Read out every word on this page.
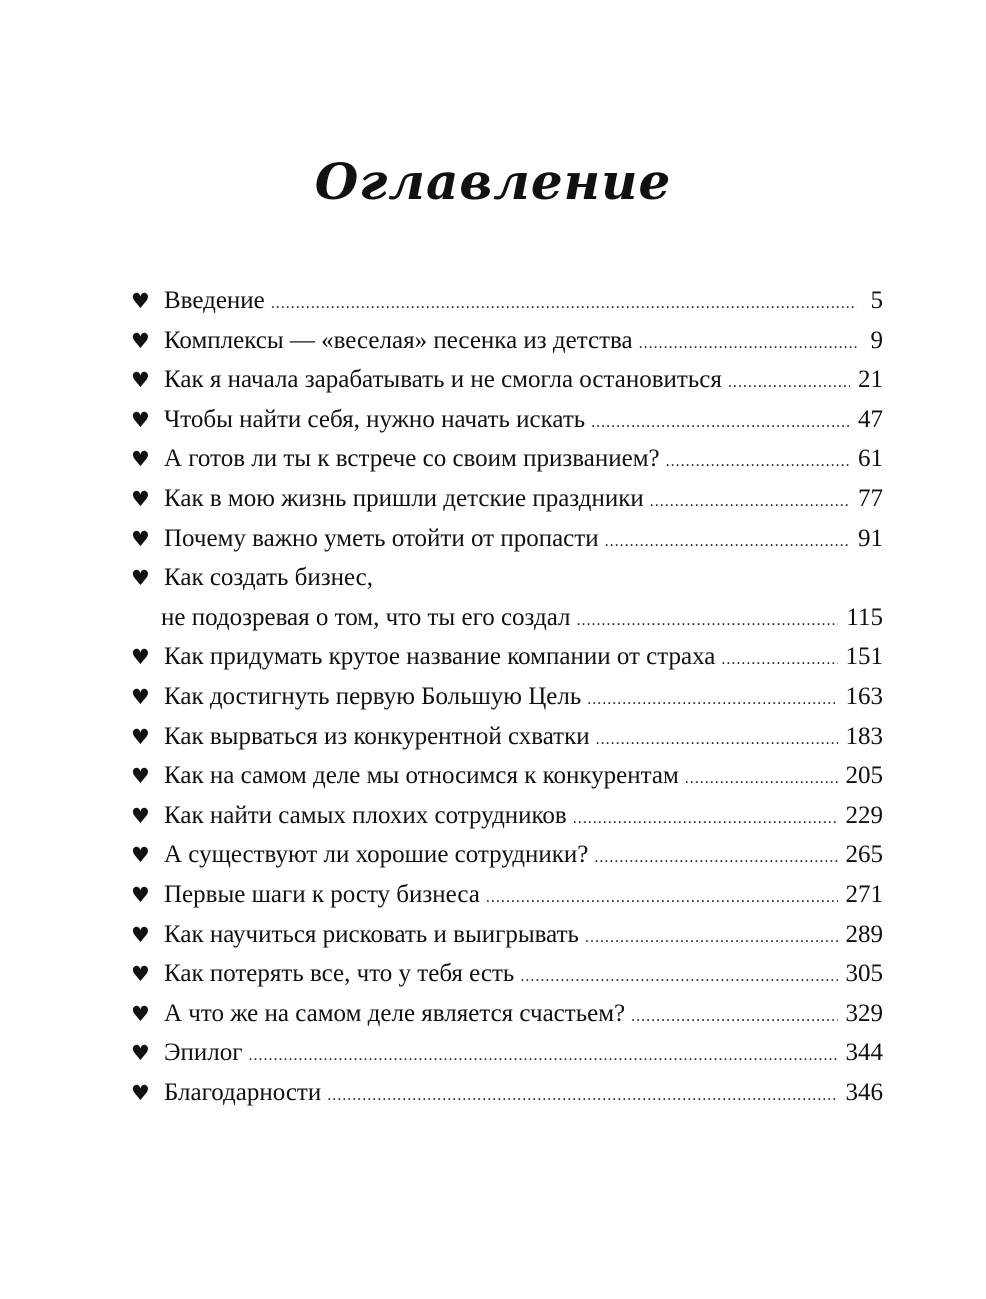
Оглавление
♥ Введение .....	5
♥ Комплексы — «веселая» песенка из детства .....	9
♥ Как я начала зарабатывать и не смогла остановиться .....	21
♥ Чтобы найти себя, нужно начать искать .....	47
♥ А готов ли ты к встрече со своим призванием? .....	61
♥ Как в мою жизнь пришли детские праздники .....	77
♥ Почему важно уметь отойти от пропасти .....	91
♥ Как создать бизнес,
не подозревая о том, что ты его создал .....	115
♥ Как придумать крутое название компании от страха .....	151
♥ Как достигнуть первую Большую Цель .....	163
♥ Как вырваться из конкурентной схватки .....	183
♥ Как на самом деле мы относимся к конкурентам .....	205
♥ Как найти самых плохих сотрудников .....	229
♥ А существуют ли хорошие сотрудники? .....	265
♥ Первые шаги к росту бизнеса .....	271
♥ Как научиться рисковать и выигрывать .....	289
♥ Как потерять все, что у тебя есть .....	305
♥ А что же на самом деле является счастьем? .....	329
♥ Эпилог .....	344
♥ Благодарности .....	346
